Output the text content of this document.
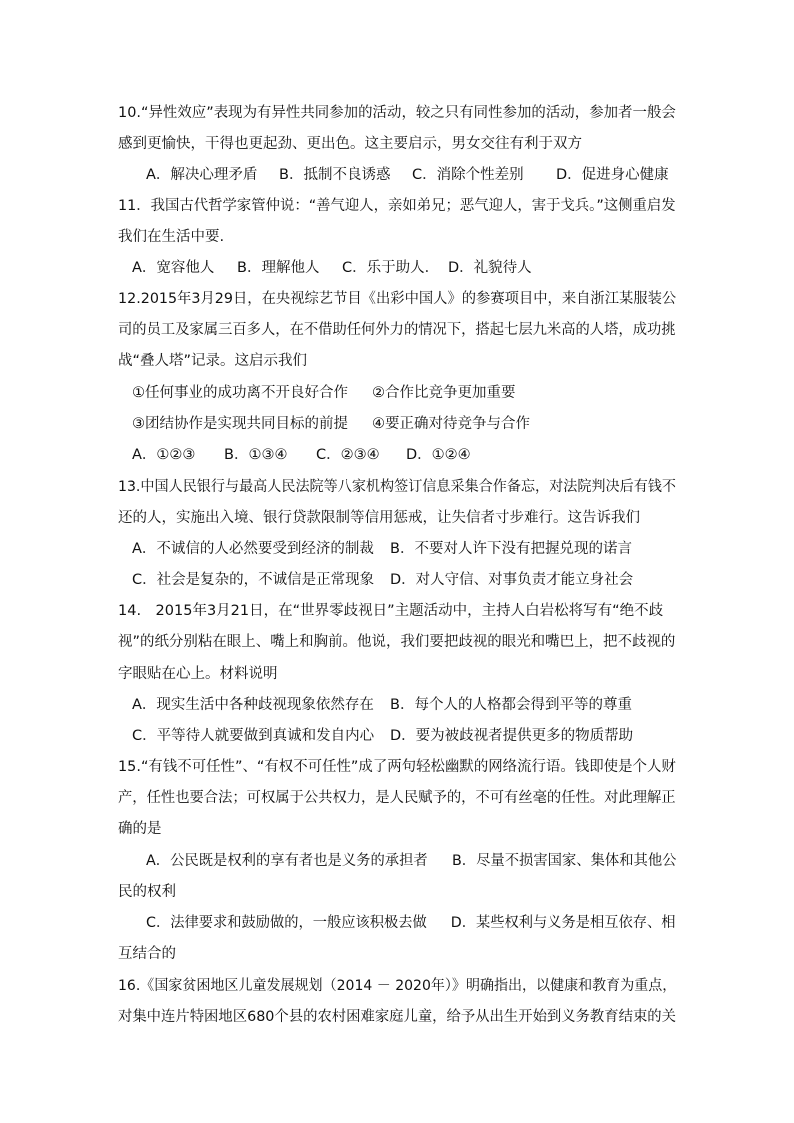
10.“异性效应”表现为有异性共同参加的活动，较之只有同性参加的活动，参加者一般会
感到更愉快，干得也更起劲、更出色。这主要启示，男女交往有利于双方
A．解决心理矛盾 B．抵制不良诱惑 C．消除个性差别 D．促进身心健康
11．我国古代哲学家管仲说：“善气迎人，亲如弟兄；恶气迎人，害于戈兵。”这侧重启发
我们在生活中要.
A．宽容他人 B．理解他人 C．乐于助人． D．礼貌待人
12.2015年3月29日，在央视综艺节目《出彩中国人》的参赛项目中，来自浙江某服装公
司的员工及家属三百多人，在不借助任何外力的情况下，搭起七层九米高的人塔，成功挑
战“叠人塔”记录。这启示我们
①任何事业的成功离不开良好合作 ②合作比竞争更加重要
③团结协作是实现共同目标的前提 ④要正确对待竞争与合作
A．①②③ B．①③④ C．②③④ D．①②④
13.中国人民银行与最高人民法院等八家机构签订信息采集合作备忘，对法院判决后有钱不
还的人，实施出入境、银行贷款限制等信用惩戒，让失信者寸步难行。这告诉我们
A．不诚信的人必然要受到经济的制裁 B．不要对人许下没有把握兑现的诺言
C．社会是复杂的，不诚信是正常现象 D．对人守信、对事负责才能立身社会
14.　2015年3月21日，在“世界零歧视日”主题活动中，主持人白岩松将写有“绝不歧
视”的纸分别粘在眼上、嘴上和胸前。他说，我们要把歧视的眼光和嘴巴上，把不歧视的
字眼贴在心上。材料说明
A．现实生活中各种歧视现象依然存在 B．每个人的人格都会得到平等的尊重
C．平等待人就要做到真诚和发自内心 D．要为被歧视者提供更多的物质帮助
15.“有钱不可任性”、“有权不可任性”成了两句轻松幽默的网络流行语。钱即使是个人财
产，任性也要合法；可权属于公共权力，是人民赋予的，不可有丝毫的任性。对此理解正
确的是
A．公民既是权利的享有者也是义务的承担者 B．尽量不损害国家、集体和其他公
民的权利
C．法律要求和鼓励做的，一般应该积极去做 D．某些权利与义务是相互依存、相
互结合的
16.《国家贫困地区儿童发展规划（2014 － 2020年）》明确指出，以健康和教育为重点，
对集中连片特困地区680个县的农村困难家庭儿童，给予从出生开始到义务教育结束的关
